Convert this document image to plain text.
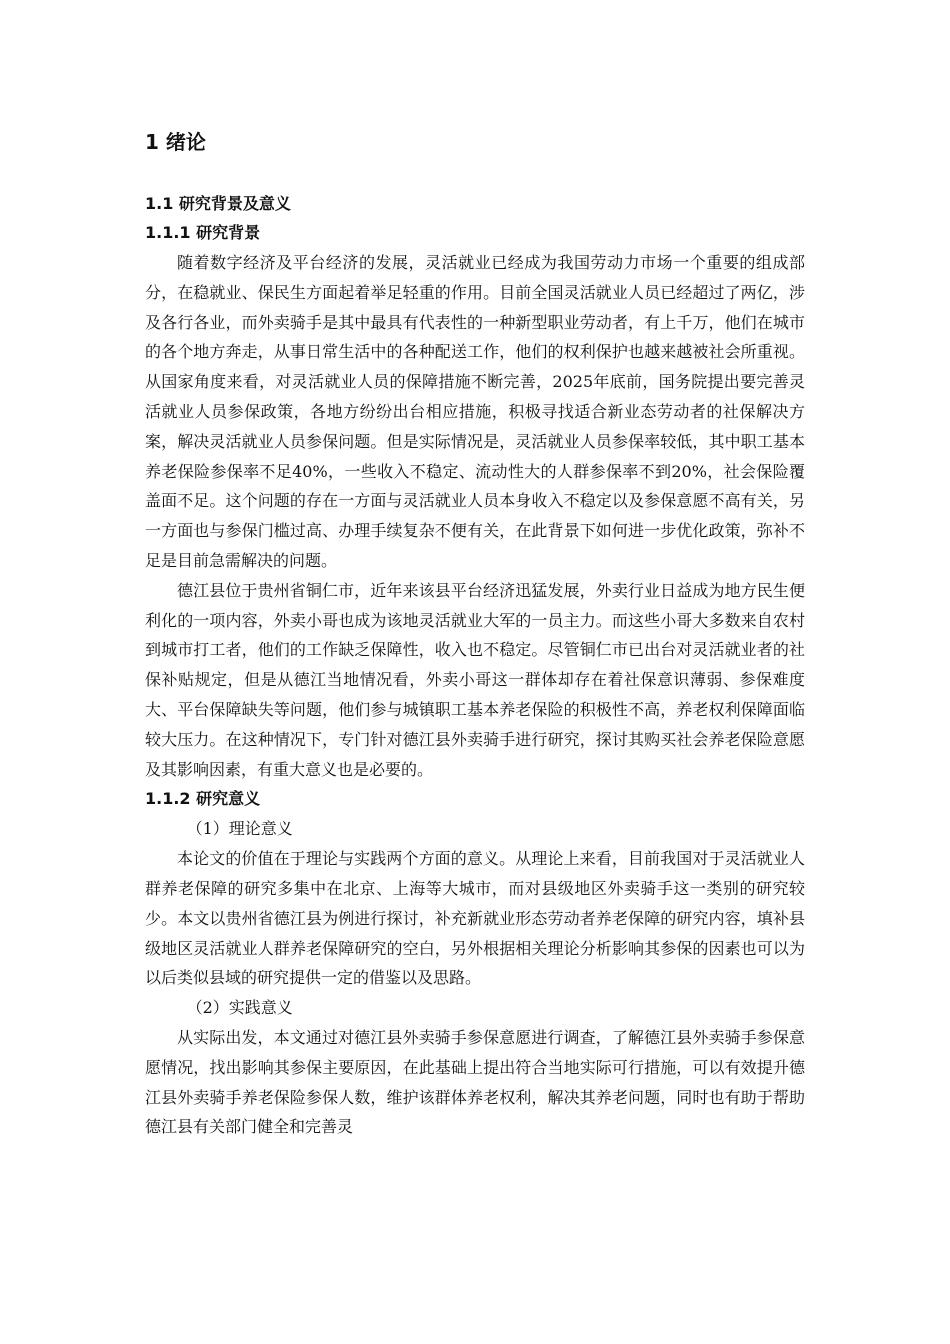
1 绪论
1.1 研究背景及意义
1.1.1 研究背景

随着数字经济及平台经济的发展，灵活就业已经成为我国劳动力市场一个重要的组成部分，在稳就业、保民生方面起着举足轻重的作用。目前全国灵活就业人员已经超过了两亿，涉及各行各业，而外卖骑手是其中最具有代表性的一种新型职业劳动者，有上千万，他们在城市的各个地方奔走，从事日常生活中的各种配送工作，他们的权利保护也越来越被社会所重视。从国家角度来看，对灵活就业人员的保障措施不断完善，2025年底前，国务院提出要完善灵活就业人员参保政策，各地方纷纷出台相应措施，积极寻找适合新业态劳动者的社保解决方案，解决灵活就业人员参保问题。但是实际情况是，灵活就业人员参保率较低，其中职工基本养老保险参保率不足40%，一些收入不稳定、流动性大的人群参保率不到20%，社会保险覆盖面不足。这个问题的存在一方面与灵活就业人员本身收入不稳定以及参保意愿不高有关，另一方面也与参保门槛过高、办理手续复杂不便有关，在此背景下如何进一步优化政策，弥补不足是目前急需解决的问题。

德江县位于贵州省铜仁市，近年来该县平台经济迅猛发展，外卖行业日益成为地方民生便利化的一项内容，外卖小哥也成为该地灵活就业大军的一员主力。而这些小哥大多数来自农村到城市打工者，他们的工作缺乏保障性，收入也不稳定。尽管铜仁市已出台对灵活就业者的社保补贴规定，但是从德江当地情况看，外卖小哥这一群体却存在着社保意识薄弱、参保难度大、平台保障缺失等问题，他们参与城镇职工基本养老保险的积极性不高，养老权利保障面临较大压力。在这种情况下，专门针对德江县外卖骑手进行研究，探讨其购买社会养老保险意愿及其影响因素，有重大意义也是必要的。

1.1.2 研究意义

（1）理论意义

本论文的价值在于理论与实践两个方面的意义。从理论上来看，目前我国对于灵活就业人群养老保障的研究多集中在北京、上海等大城市，而对县级地区外卖骑手这一类别的研究较少。本文以贵州省德江县为例进行探讨，补充新就业形态劳动者养老保障的研究内容，填补县级地区灵活就业人群养老保障研究的空白，另外根据相关理论分析影响其参保的因素也可以为以后类似县域的研究提供一定的借鉴以及思路。

（2）实践意义

从实际出发，本文通过对德江县外卖骑手参保意愿进行调查，了解德江县外卖骑手参保意愿情况，找出影响其参保主要原因，在此基础上提出符合当地实际可行措施，可以有效提升德江县外卖骑手养老保险参保人数，维护该群体养老权利，解决其养老问题，同时也有助于帮助德江县有关部门健全和完善灵
